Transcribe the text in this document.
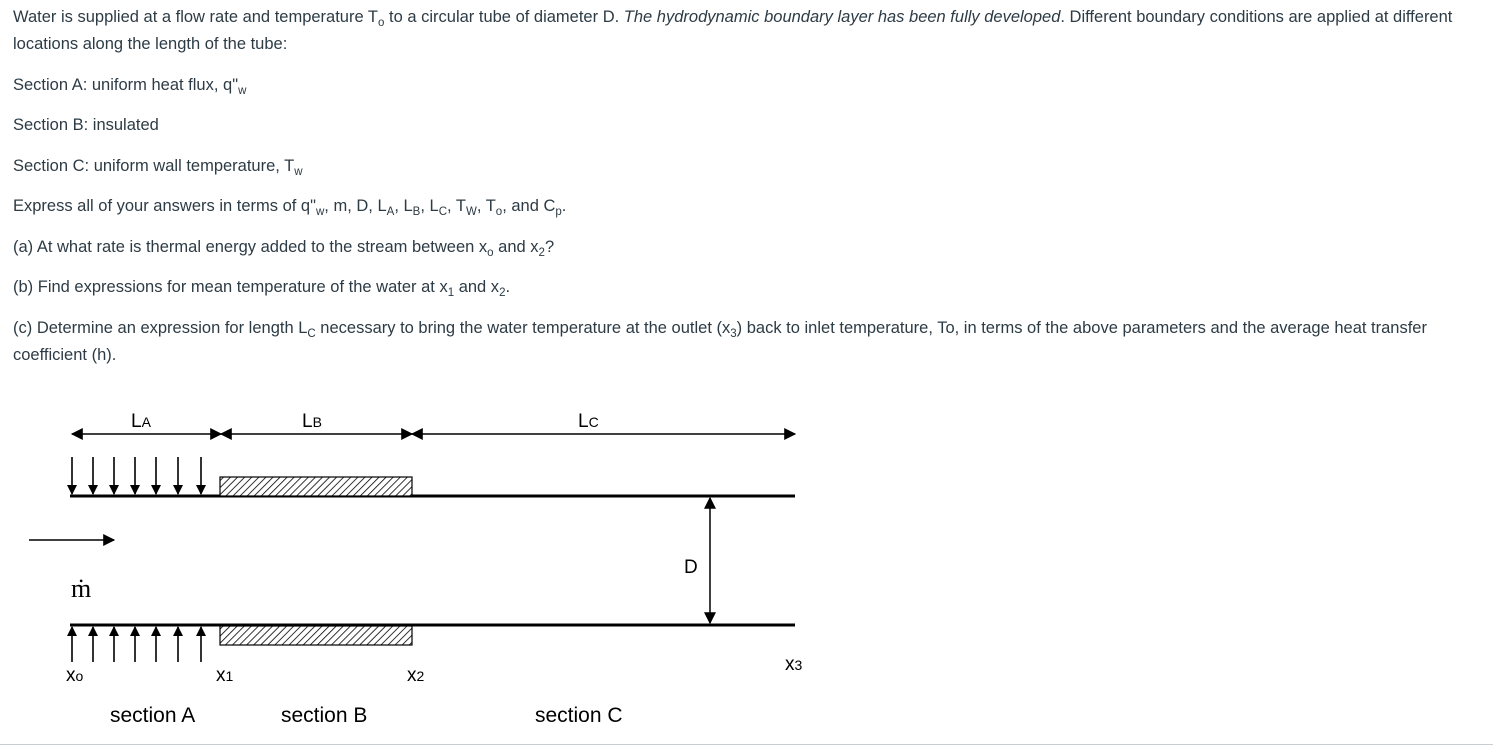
Water is supplied at a flow rate and temperature $T_o$ to a circular tube of diameter D. The hydrodynamic boundary layer has been fully developed. Different boundary conditions are applied at different locations along the length of the tube:

Section A: uniform heat flux, $q"_w$

Section B: insulated

Section C: uniform wall temperature, $T_w$

Express all of your answers in terms of $q"_w$, m, D, $L_A$, $L_B$, $L_C$, $T_W$, $T_o$, and $C_p$.

(a) At what rate is thermal energy added to the stream between $x_o$ and $x_2$?

(b) Find expressions for mean temperature of the water at $x_1$ and $x_2$.

(c) Determine an expression for length $L_C$ necessary to bring the water temperature at the outlet $(x_3)$ back to inlet temperature, To, in terms of the above parameters and the average heat transfer coefficient (h).

LA	LB	LC
ṁ
D
xo	x1	x2
x3
section A	section B	section C
